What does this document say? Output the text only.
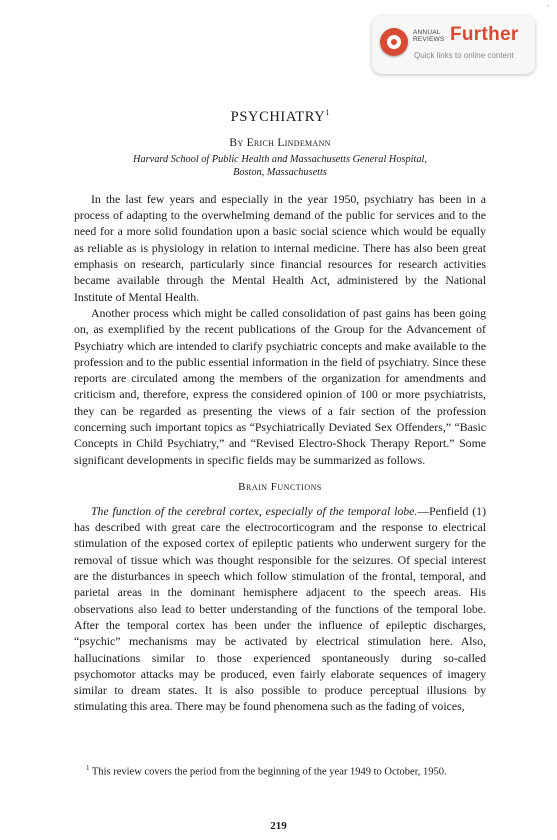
’
ANNUAL
REVIEWS Further
Quick links to online content
PSYCHIATRY$^1$

By Erich Lindemann

Harvard School of Public Health and Massachusetts General Hospital,
Boston, Massachusetts

In the last few years and especially in the year 1950, psychiatry has been in a process of adapting to the overwhelming demand of the public for services and to the need for a more solid foundation upon a basic social science which would be equally as reliable as is physiology in relation to internal medicine. There has also been great emphasis on research, particularly since financial resources for research activities became available through the Mental Health Act, administered by the National Institute of Mental Health.

Another process which might be called consolidation of past gains has been going on, as exemplified by the recent publications of the Group for the Advancement of Psychiatry which are intended to clarify psychiatric concepts and make available to the profession and to the public essential information in the field of psychiatry. Since these reports are circulated among the members of the organization for amendments and criticism and, therefore, express the considered opinion of 100 or more psychiatrists, they can be regarded as presenting the views of a fair section of the profession concerning such important topics as “Psychiatrically Deviated Sex Offenders,” “Basic Concepts in Child Psychiatry,” and “Revised Electro-Shock Therapy Report.” Some significant developments in specific fields may be summarized as follows.

Brain Functions

The function of the cerebral cortex, especially of the temporal lobe.—Penfield (1) has described with great care the electrocorticogram and the response to electrical stimulation of the exposed cortex of epileptic patients who underwent surgery for the removal of tissue which was thought responsible for the seizures. Of special interest are the disturbances in speech which follow stimulation of the frontal, temporal, and parietal areas in the dominant hemisphere adjacent to the speech areas. His observations also lead to better understanding of the functions of the temporal lobe. After the temporal cortex has been under the influence of epileptic discharges, “psychic” mechanisms may be activated by electrical stimulation here. Also, hallucinations similar to those experienced spontaneously during so-called psychomotor attacks may be produced, even fairly elaborate sequences of imagery similar to dream states. It is also possible to produce perceptual illusions by stimulating this area. There may be found phenomena such as the fading of voices,

$^1$ This review covers the period from the beginning of the year 1949 to October, 1950.

219
